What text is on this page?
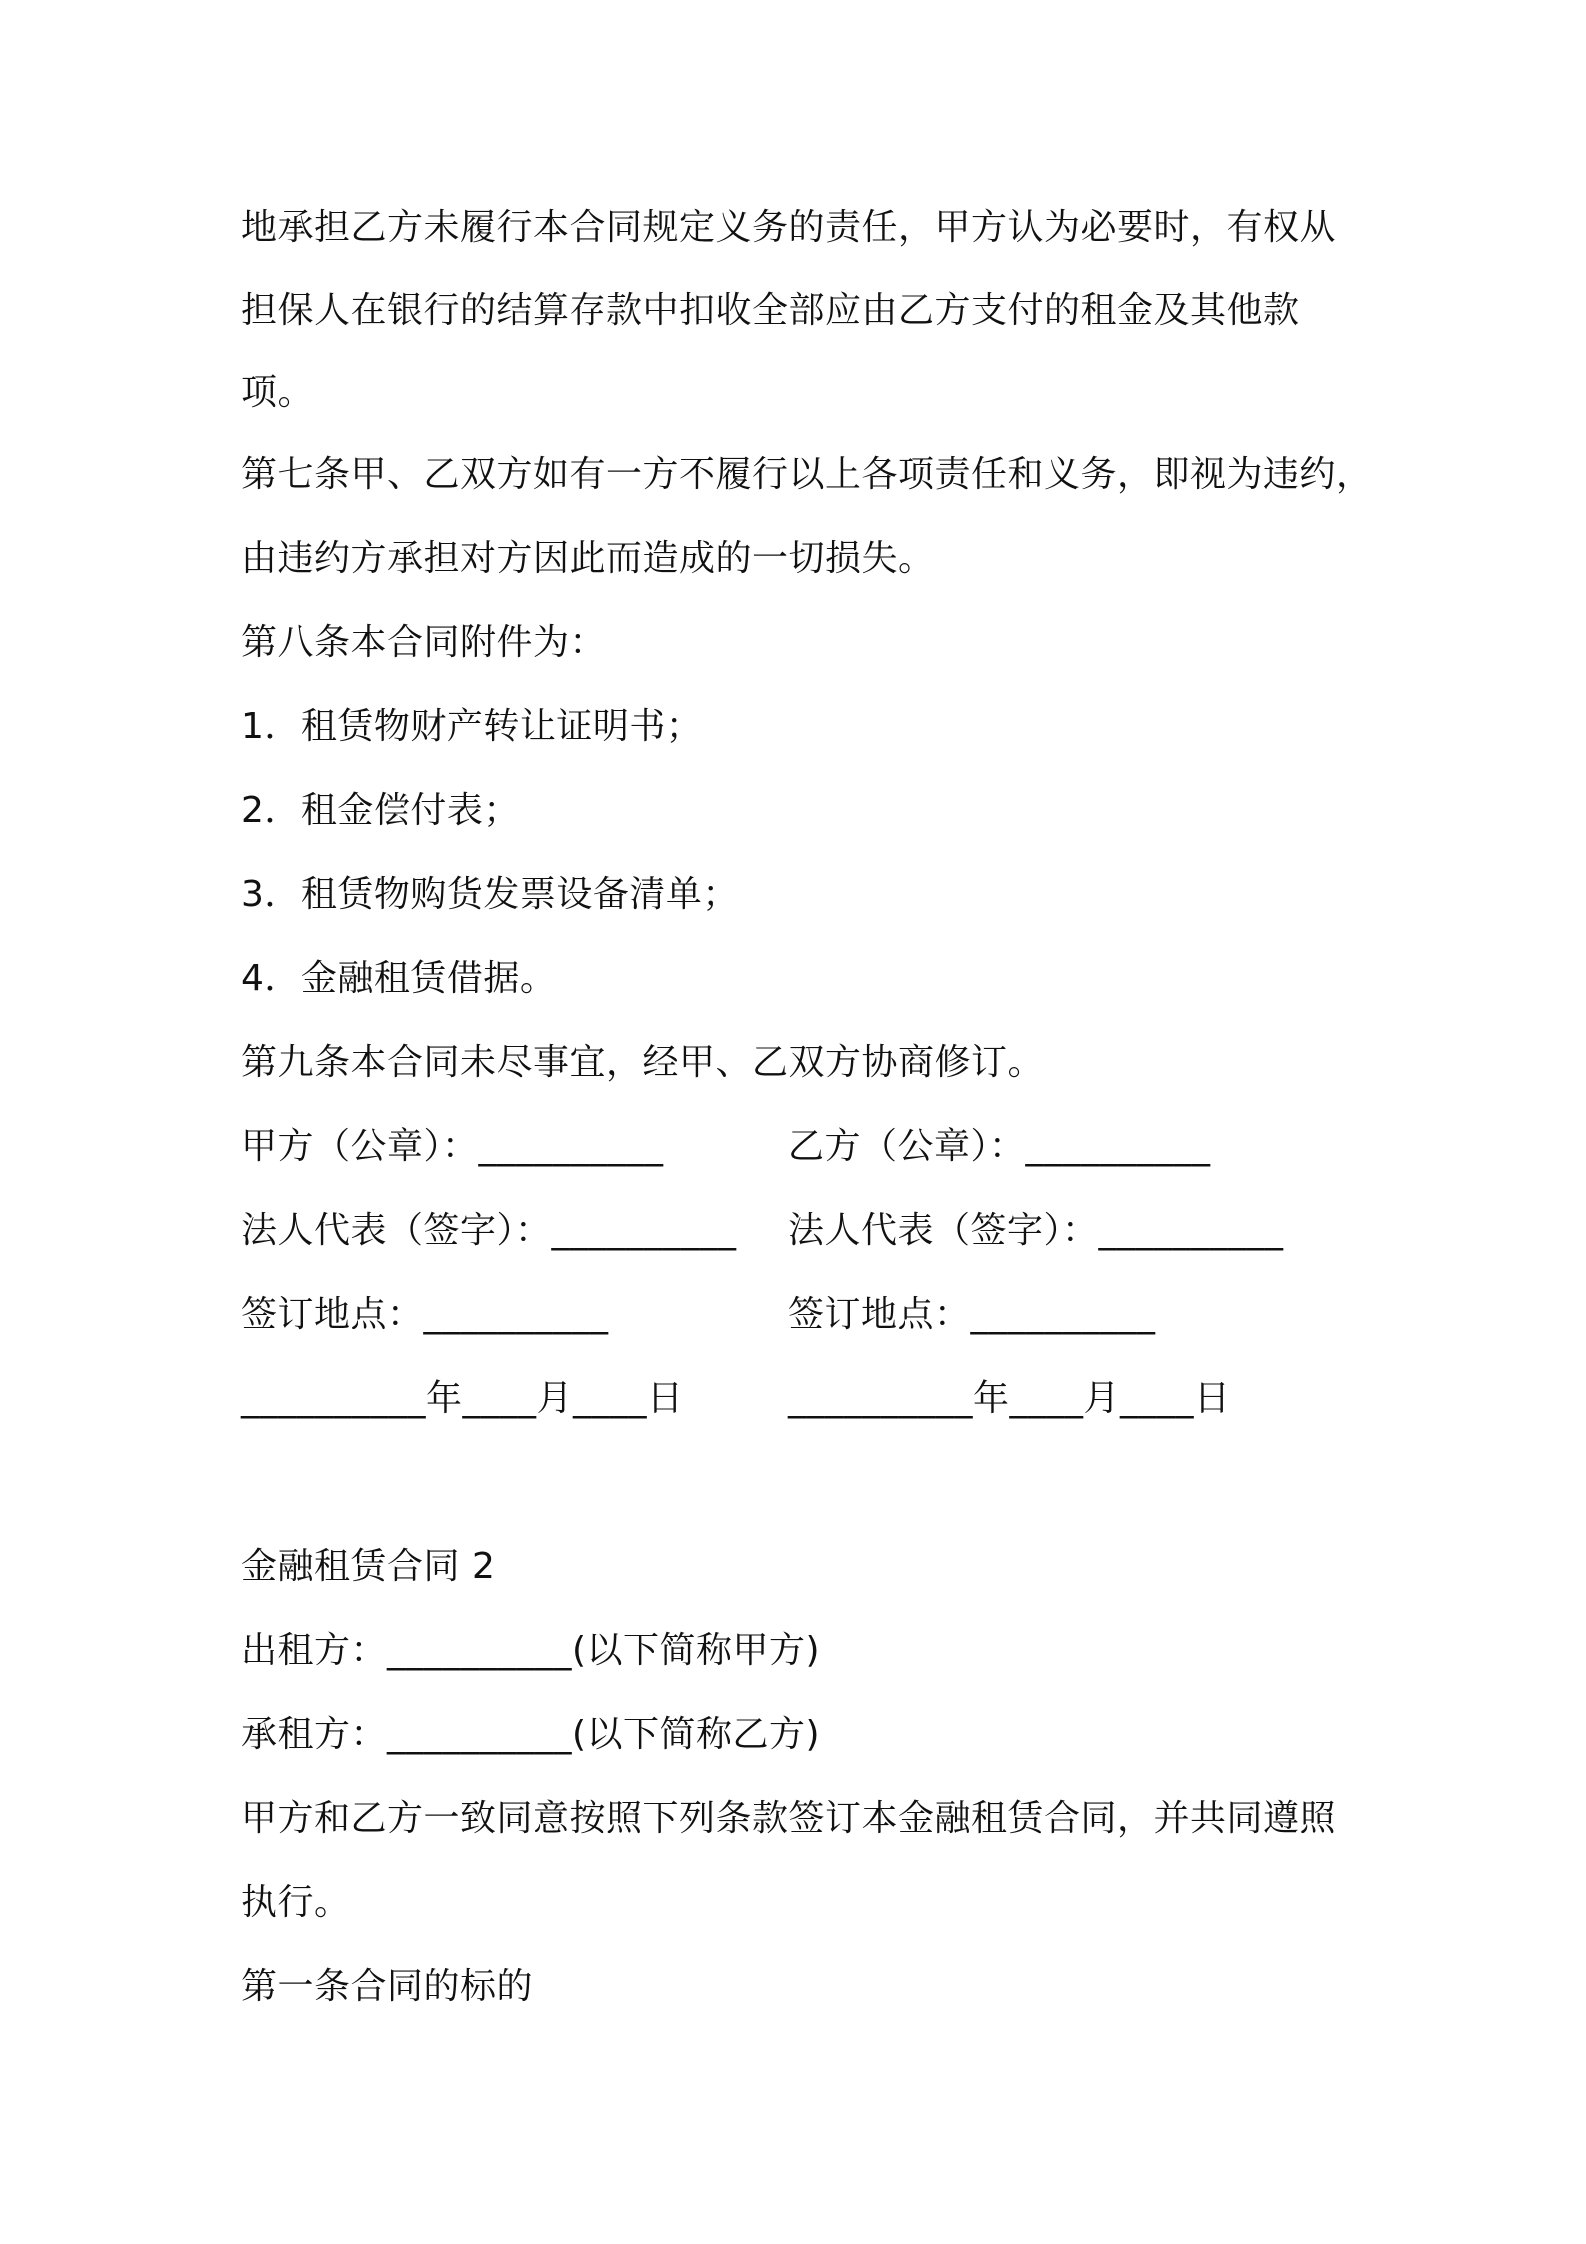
地承担乙方未履行本合同规定义务的责任，甲方认为必要时，有权从
担保人在银行的结算存款中扣收全部应由乙方支付的租金及其他款
项。
第七条甲、乙双方如有一方不履行以上各项责任和义务，即视为违约，
由违约方承担对方因此而造成的一切损失。
第八条本合同附件为：
1．租赁物财产转让证明书；
2．租金偿付表；
3．租赁物购货发票设备清单；
4．金融租赁借据。
第九条本合同未尽事宜，经甲、乙双方协商修订。
甲方（公章）：__________	乙方（公章）：__________
法人代表（签字）：__________ 法人代表（签字）：__________
签订地点：__________	签订地点：__________
__________年____月____日	__________年____月____日
金融租赁合同 2
出租方：__________(以下简称甲方)
承租方：__________(以下简称乙方)
甲方和乙方一致同意按照下列条款签订本金融租赁合同，并共同遵照
执行。
第一条合同的标的
